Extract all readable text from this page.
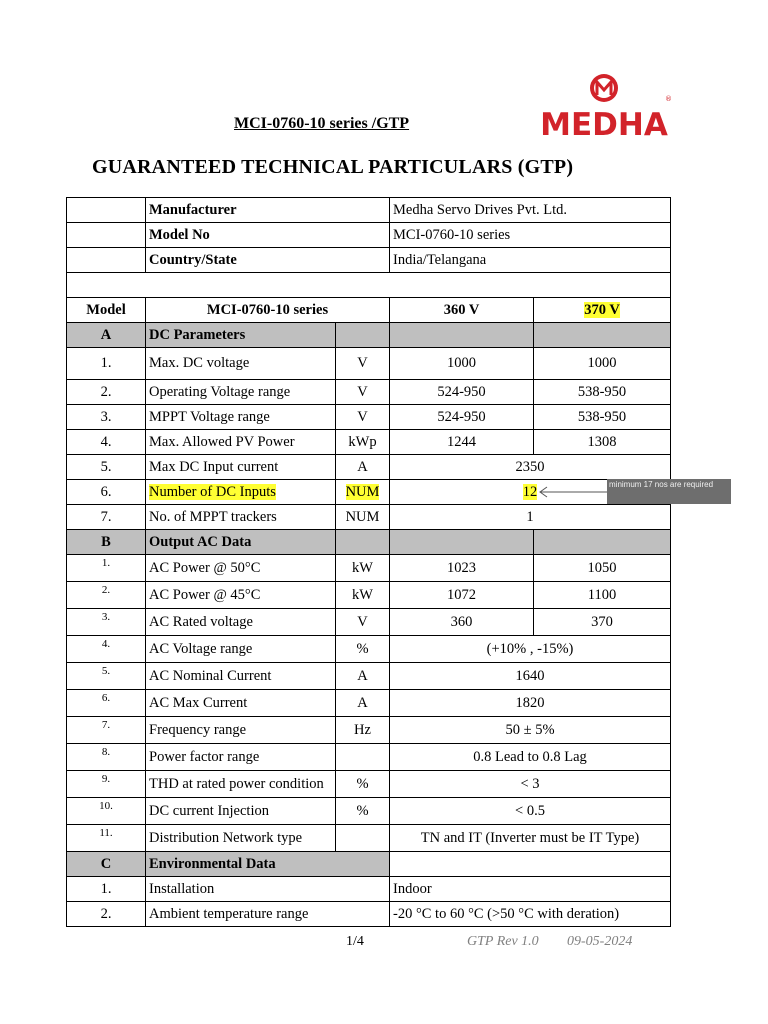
MCI-0760-10 series /GTP
GUARANTEED TECHNICAL PARTICULARS (GTP)
MEDHA
®
	Manufacturer		Medha Servo Drives Pvt. Ltd.	
	Model No		MCI-0760-10 series	
	Country/State		India/Telangana	

Model	MCI-0760-10 series		360 V	370 V
A	DC Parameters			
1.	Max. DC voltage	V	1000	1000
2.	Operating Voltage range	V	524-950	538-950
3.	MPPT Voltage range	V	524-950	538-950
4.	Max. Allowed PV Power	kWp	1244	1308
5.	Max DC Input current	A	2350	
6.	Number of DC Inputs	NUM	12	
7.	No. of MPPT trackers	NUM	1	
B	Output AC Data			
1.	AC Power @ 50°C	kW	1023	1050
2.	AC Power @ 45°C	kW	1072	1100
3.	AC Rated voltage	V	360	370
4.	AC Voltage range	%	(+10% , -15%)	
5.	AC Nominal Current	A	1640	
6.	AC Max Current	A	1820	
7.	Frequency range	Hz	50 ± 5%	
8.	Power factor range		0.8 Lead to 0.8 Lag	
9.	THD at rated power condition	%	< 3	
10.	DC current Injection	%	< 0.5	
11.	Distribution Network type		TN and IT (Inverter must be IT Type)	
C	Environmental Data			
1.	Installation		Indoor	
2.	Ambient temperature range		-20 °C to 60 °C (>50 °C with deration)	
minimum 17 nos are required
1/4	GTP Rev 1.0 09-05-2024
